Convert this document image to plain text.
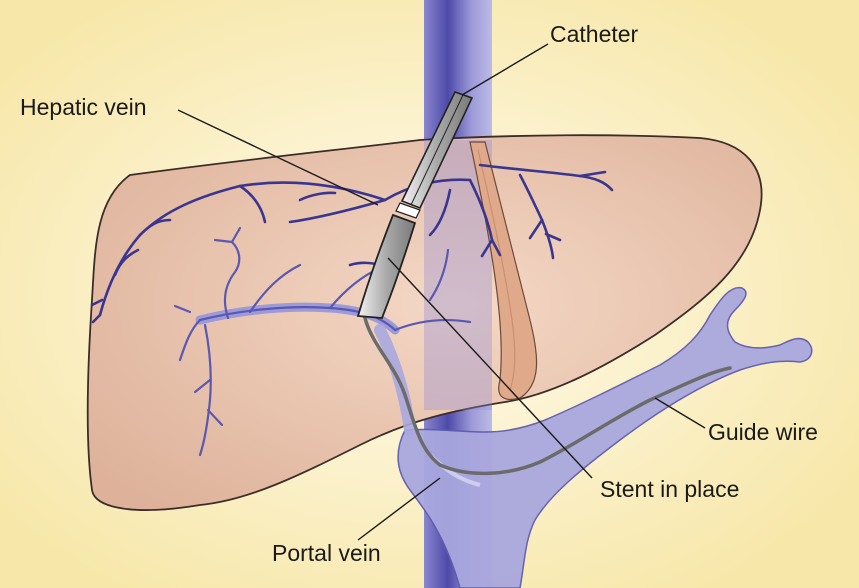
Catheter
Hepatic vein
Guide wire
Stent in place
Portal vein
